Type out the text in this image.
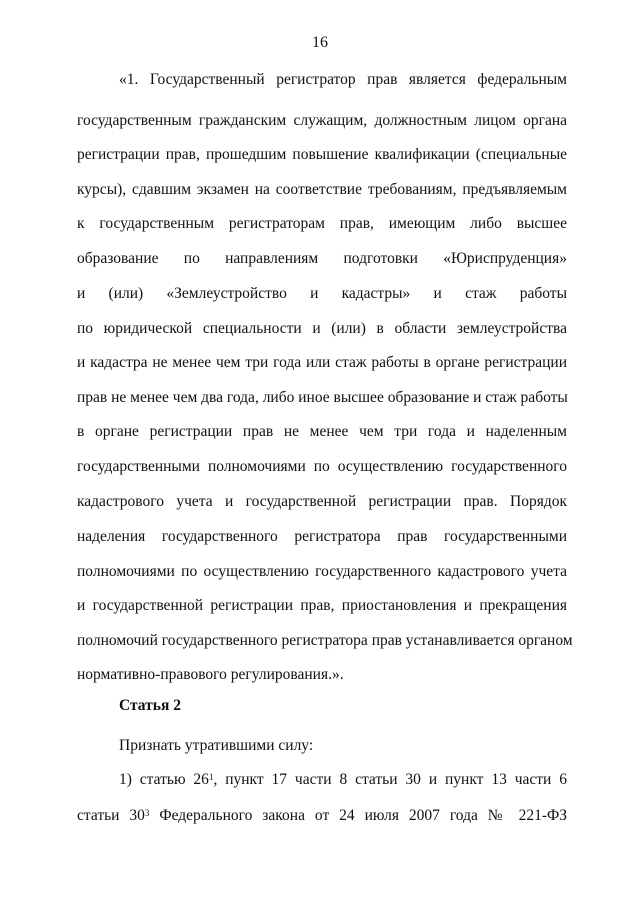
16
«1. Государственный регистратор прав является федеральным
государственным гражданским служащим, должностным лицом органа
регистрации прав, прошедшим повышение квалификации (специальные
курсы), сдавшим экзамен на соответствие требованиям, предъявляемым
к государственным регистраторам прав, имеющим либо высшее
образование по направлениям подготовки «Юриспруденция»
и (или) «Землеустройство и кадастры» и стаж работы
по юридической специальности и (или) в области землеустройства
и кадастра не менее чем три года или стаж работы в органе регистрации
прав не менее чем два года, либо иное высшее образование и стаж работы
в органе регистрации прав не менее чем три года и наделенным
государственными полномочиями по осуществлению государственного
кадастрового учета и государственной регистрации прав. Порядок
наделения государственного регистратора прав государственными
полномочиями по осуществлению государственного кадастрового учета
и государственной регистрации прав, приостановления и прекращения
полномочий государственного регистратора прав устанавливается органом
нормативно-правового регулирования.».
Статья 2
Признать утратившими силу:
1) статью $26^1$, пункт 17 части 8 статьи 30 и пункт 13 части 6
статьи $30^3$ Федерального закона от 24 июля 2007 года № 221-ФЗ
